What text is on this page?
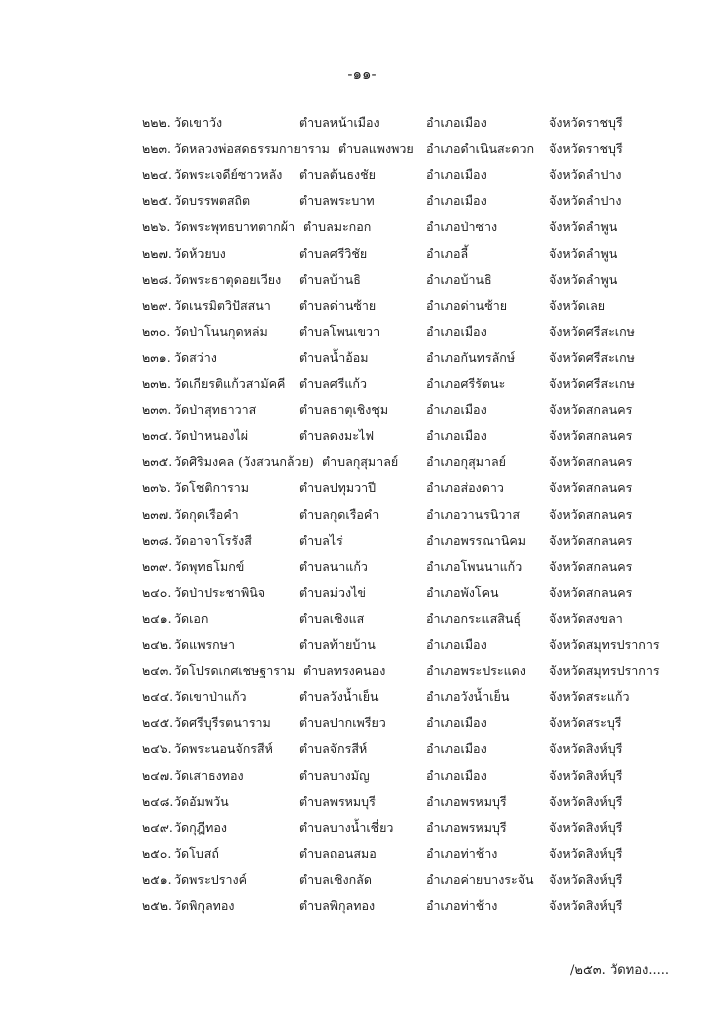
-๑๑-
๒๒๒. วัดเขาวัง	ตำบลหน้าเมือง	อำเภอเมือง	จังหวัดราชบุรี
๒๒๓. วัดหลวงพ่อสดธรรมกายาราม ตำบลแพงพวย อำเภอดำเนินสะดวก จังหวัดราชบุรี
๒๒๔. วัดพระเจดีย์ซาวหลัง ตำบลต้นธงชัย	อำเภอเมือง	จังหวัดลำปาง
๒๒๕. วัดบรรพตสถิต	ตำบลพระบาท	อำเภอเมือง	จังหวัดลำปาง
๒๒๖. วัดพระพุทธบาทตากผ้า ตำบลมะกอก	อำเภอป่าซาง	จังหวัดลำพูน
๒๒๗. วัดห้วยบง	ตำบลศรีวิชัย	อำเภอลี้	จังหวัดลำพูน
๒๒๘. วัดพระธาตุดอยเวียง ตำบลบ้านธิ	อำเภอบ้านธิ	จังหวัดลำพูน
๒๒๙. วัดเนรมิตวิปัสสนา ตำบลด่านซ้าย	อำเภอด่านซ้าย	จังหวัดเลย
๒๓๐. วัดป่าโนนกุดหล่ม	ตำบลโพนเขวา	อำเภอเมือง	จังหวัดศรีสะเกษ
๒๓๑. วัดสว่าง	ตำบลน้ำอ้อม	อำเภอกันทรลักษ์	จังหวัดศรีสะเกษ
๒๓๒. วัดเกียรติแก้วสามัคคี ตำบลศรีแก้ว	อำเภอศรีรัตนะ	จังหวัดศรีสะเกษ
๒๓๓. วัดป่าสุทธาวาส	ตำบลธาตุเชิงชุม	อำเภอเมือง	จังหวัดสกลนคร
๒๓๔. วัดป่าหนองไผ่	ตำบลดงมะไฟ	อำเภอเมือง	จังหวัดสกลนคร
๒๓๕. วัดศิริมงคล (วังสวนกล้วย) ตำบลกุสุมาลย์ อำเภอกุสุมาลย์	จังหวัดสกลนคร
๒๓๖. วัดโชติการาม	ตำบลปทุมวาปี	อำเภอส่องดาว	จังหวัดสกลนคร
๒๓๗. วัดกุดเรือคำ	ตำบลกุดเรือคำ	อำเภอวานรนิวาส จังหวัดสกลนคร
๒๓๘. วัดอาจาโรรังสี	ตำบลไร่	อำเภอพรรณานิคม จังหวัดสกลนคร
๒๓๙. วัดพุทธโมกข์	ตำบลนาแก้ว	อำเภอโพนนาแก้ว จังหวัดสกลนคร
๒๔๐. วัดป่าประชาพินิจ	ตำบลม่วงไข่	อำเภอพังโคน	จังหวัดสกลนคร
๒๔๑. วัดเอก	ตำบลเชิงแส	อำเภอกระแสสินธุ์ จังหวัดสงขลา
๒๔๒. วัดแพรกษา	ตำบลท้ายบ้าน	อำเภอเมือง	จังหวัดสมุทรปราการ
๒๔๓. วัดโปรดเกศเชษฐาราม ตำบลทรงคนอง	อำเภอพระประแดง จังหวัดสมุทรปราการ
๒๔๔. วัดเขาป่าแก้ว	ตำบลวังน้ำเย็น	อำเภอวังน้ำเย็น	จังหวัดสระแก้ว
๒๔๕. วัดศรีบุรีรตนาราม ตำบลปากเพรียว	อำเภอเมือง	จังหวัดสระบุรี
๒๔๖. วัดพระนอนจักรสีห์ ตำบลจักรสีห์	อำเภอเมือง	จังหวัดสิงห์บุรี
๒๔๗. วัดเสาธงทอง	ตำบลบางมัญ	อำเภอเมือง	จังหวัดสิงห์บุรี
๒๔๘. วัดอัมพวัน	ตำบลพรหมบุรี	อำเภอพรหมบุรี	จังหวัดสิงห์บุรี
๒๔๙. วัดกุฎีทอง	ตำบลบางน้ำเชี่ยว	อำเภอพรหมบุรี	จังหวัดสิงห์บุรี
๒๕๐. วัดโบสถ์	ตำบลถอนสมอ	อำเภอท่าช้าง	จังหวัดสิงห์บุรี
๒๕๑. วัดพระปรางค์	ตำบลเชิงกลัด	อำเภอค่ายบางระจัน จังหวัดสิงห์บุรี
๒๕๒. วัดพิกุลทอง	ตำบลพิกุลทอง	อำเภอท่าช้าง	จังหวัดสิงห์บุรี
/๒๕๓. วัดทอง.....
